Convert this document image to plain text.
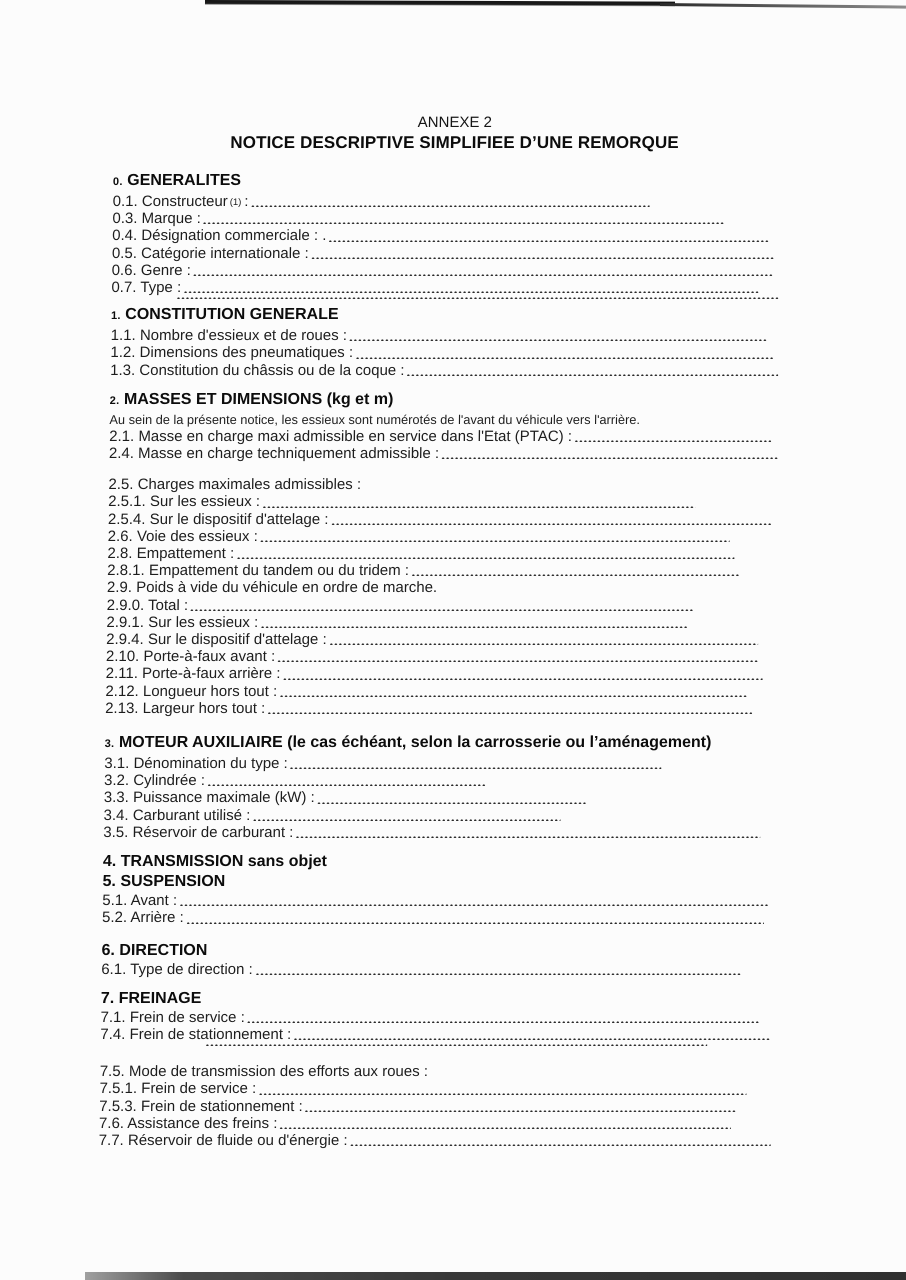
ANNEXE 2
NOTICE DESCRIPTIVE SIMPLIFIEE D’UNE REMORQUE
0. GENERALITES
0.1. Constructeur (1) :
0.3. Marque :
0.4. Désignation commerciale : .
0.5. Catégorie internationale :
0.6. Genre :
0.7. Type :
1. CONSTITUTION GENERALE
1.1. Nombre d'essieux et de roues :
1.2. Dimensions des pneumatiques :
1.3. Constitution du châssis ou de la coque :
2. MASSES ET DIMENSIONS (kg et m)
Au sein de la présente notice, les essieux sont numérotés de l'avant du véhicule vers l'arrière.
2.1. Masse en charge maxi admissible en service dans l'Etat (PTAC) :
2.4. Masse en charge techniquement admissible :
2.5. Charges maximales admissibles :
2.5.1. Sur les essieux :
2.5.4. Sur le dispositif d'attelage :
2.6. Voie des essieux :
2.8. Empattement :
2.8.1. Empattement du tandem ou du tridem :
2.9. Poids à vide du véhicule en ordre de marche.
2.9.0. Total :
2.9.1. Sur les essieux :
2.9.4. Sur le dispositif d'attelage :
2.10. Porte-à-faux avant :
2.11. Porte-à-faux arrière :
2.12. Longueur hors tout :
2.13. Largeur hors tout :
3. MOTEUR AUXILIAIRE (le cas échéant, selon la carrosserie ou l’aménagement)
3.1. Dénomination du type :
3.2. Cylindrée :
3.3. Puissance maximale (kW) :
3.4. Carburant utilisé :
3.5. Réservoir de carburant :
4. TRANSMISSION sans objet
5. SUSPENSION
5.1. Avant :
5.2. Arrière :
6. DIRECTION
6.1. Type de direction :
7. FREINAGE
7.1. Frein de service :
7.4. Frein de stationnement :
7.5. Mode de transmission des efforts aux roues :
7.5.1. Frein de service :
7.5.3. Frein de stationnement :
7.6. Assistance des freins :
7.7. Réservoir de fluide ou d'énergie :
